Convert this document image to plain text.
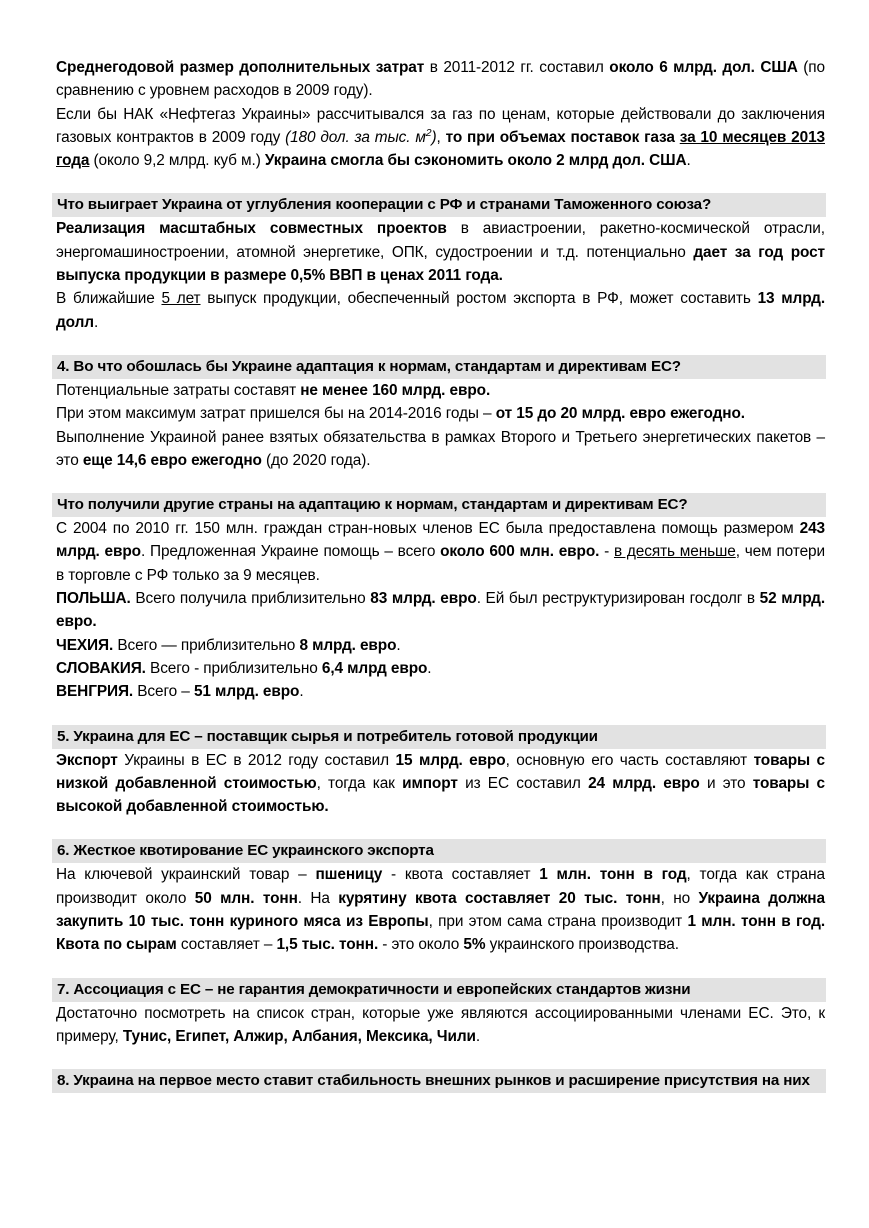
Среднегодовой размер дополнительных затрат в 2011-2012 гг. составил около 6 млрд. дол. США (по сравнению с уровнем расходов в 2009 году).
Если бы НАК «Нефтегаз Украины» рассчитывался за газ по ценам, которые действовали до заключения газовых контрактов в 2009 году (180 дол. за тыс. $м^2$), то при объемах поставок газа за 10 месяцев 2013 года (около 9,2 млрд. куб м.) Украина смогла бы сэкономить около 2 млрд дол. США.
Что выиграет Украина от углубления кооперации с РФ и странами Таможенного союза?
Реализация масштабных совместных проектов в авиастроении, ракетно-космической отрасли, энергомашиностроении, атомной энергетике, ОПК, судостроении и т.д. потенциально дает за год рост выпуска продукции в размере 0,5% ВВП в ценах 2011 года.
В ближайшие 5 лет выпуск продукции, обеспеченный ростом экспорта в РФ, может составить 13 млрд. долл.
4. Во что обошлась бы Украине адаптация к нормам, стандартам и директивам ЕС?
Потенциальные затраты составят не менее 160 млрд. евро.
При этом максимум затрат пришелся бы на 2014-2016 годы – от 15 до 20 млрд. евро ежегодно.
Выполнение Украиной ранее взятых обязательства в рамках Второго и Третьего энергетических пакетов – это еще 14,6 евро ежегодно (до 2020 года).
Что получили другие страны на адаптацию к нормам, стандартам и директивам ЕС?
С 2004 по 2010 гг. 150 млн. граждан стран-новых членов ЕС была предоставлена помощь размером 243 млрд. евро. Предложенная Украине помощь – всего около 600 млн. евро. - в десять меньше, чем потери в торговле с РФ только за 9 месяцев.
ПОЛЬША. Всего получила приблизительно 83 млрд. евро. Ей был реструктуризирован госдолг в 52 млрд. евро.
ЧЕХИЯ. Всего — приблизительно 8 млрд. евро.
СЛОВАКИЯ. Всего - приблизительно 6,4 млрд евро.
ВЕНГРИЯ. Всего – 51 млрд. евро.
5. Украина для ЕС – поставщик сырья и потребитель готовой продукции
Экспорт Украины в ЕС в 2012 году составил 15 млрд. евро, основную его часть составляют товары с низкой добавленной стоимостью, тогда как импорт из ЕС составил 24 млрд. евро и это товары с высокой добавленной стоимостью.
6. Жесткое квотирование ЕС украинского экспорта
На ключевой украинский товар – пшеницу - квота составляет 1 млн. тонн в год, тогда как страна производит около 50 млн. тонн. На курятину квота составляет 20 тыс. тонн, но Украина должна закупить 10 тыс. тонн куриного мяса из Европы, при этом сама страна производит 1 млн. тонн в год. Квота по сырам составляет – 1,5 тыс. тонн. - это около 5% украинского производства.
7. Ассоциация с ЕС – не гарантия демократичности и европейских стандартов жизни
Достаточно посмотреть на список стран, которые уже являются ассоциированными членами ЕС. Это, к примеру, Тунис, Египет, Алжир, Албания, Мексика, Чили.
8. Украина на первое место ставит стабильность внешних рынков и расширение присутствия на них
